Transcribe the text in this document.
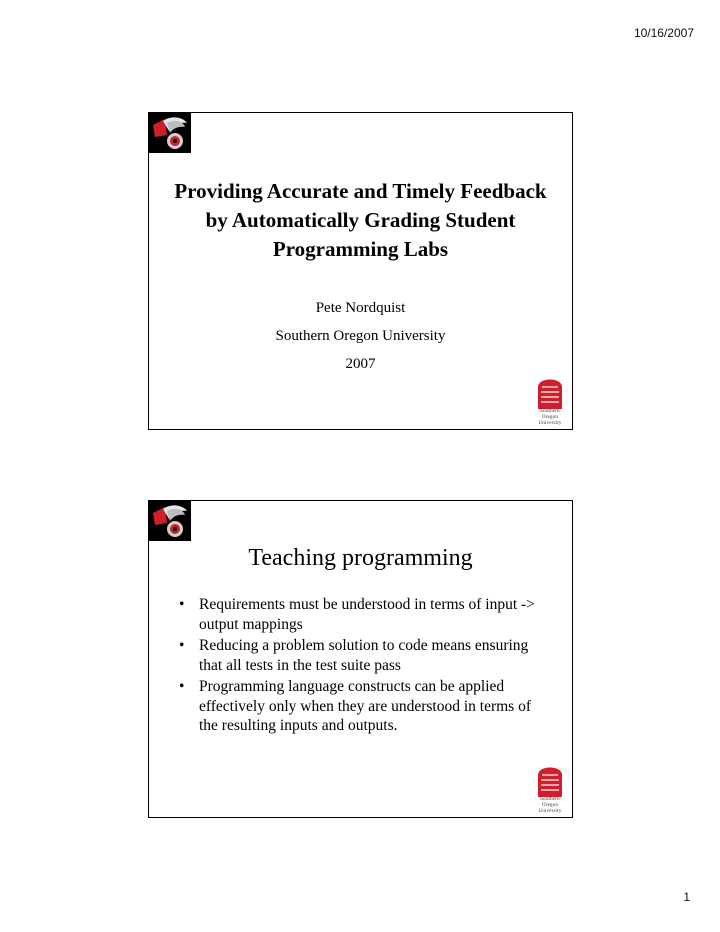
10/16/2007
Providing Accurate and Timely Feedback by Automatically Grading Student Programming Labs
Pete Nordquist
Southern Oregon University
2007
Southern
Oregon
University
Teaching programming
• Requirements must be understood in terms of input -> output mappings
• Reducing a problem solution to code means ensuring that all tests in the test suite pass
• Programming language constructs can be applied effectively only when they are understood in terms of the resulting inputs and outputs.
Southern
Oregon
University
1
